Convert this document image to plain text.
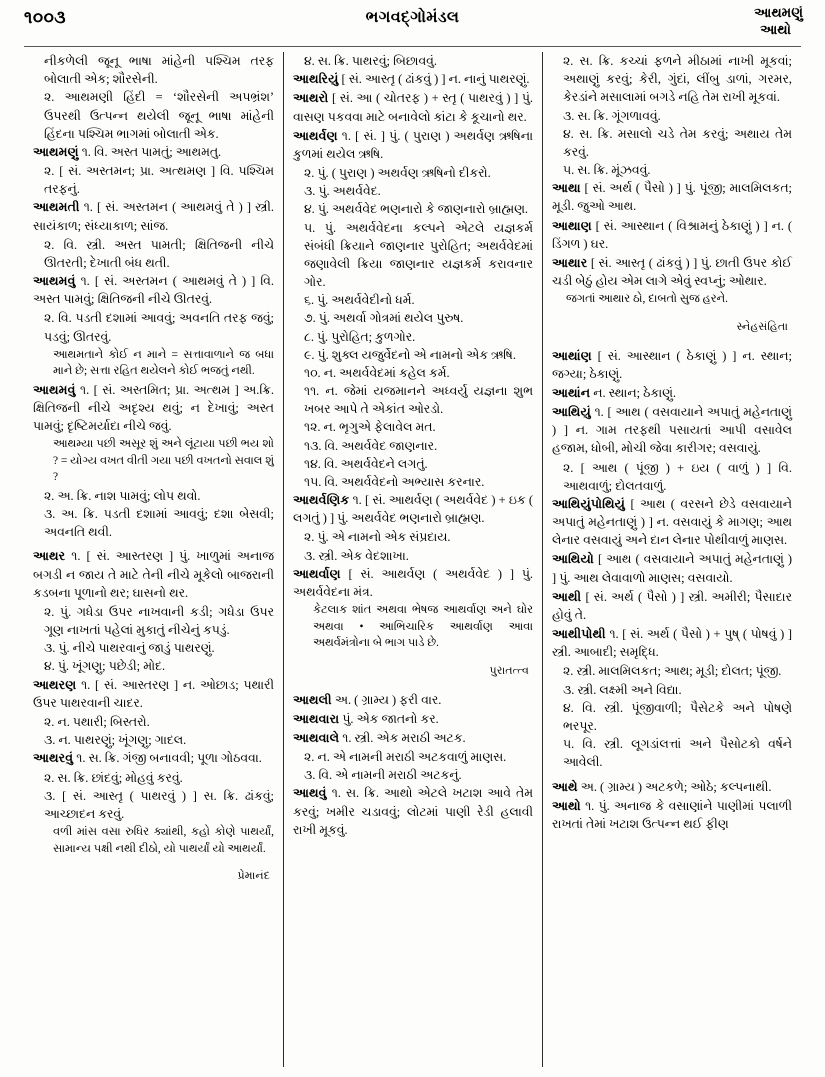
૧૦૦૩	ભગવદ્ગોમંડલ	આથમણું
આથો

નીકળેલી જૂનૂ ભાષા માંહેની પશ્ચિમ તરફ બોલાતી એક; શૌરસેની.

૨. આથમણી હિંદી = ‘શૌરસેની અપભ્રંશ’ ઉપરથી ઉત્પન્ન થયેલી જૂનૂ ભાષા માંહેની હિંદના પશ્ચિમ ભાગમાં બોલાતી એક.

આથમણું ૧. વિ. અસ્ત પામતું; આથમતુ.

૨. [ સં. અસ્તમન; પ્રા. અત્થમણ ] વિ. પશ્ચિમ તરફનું.

આથમતી ૧. [ સં. અસ્તમન ( આથમવું તે ) ] સ્ત્રી. સાયંકાળ; સંધ્યાકાળ; સાંજ.

૨. વિ. સ્ત્રી. અસ્ત પામતી; ક્ષિતિજની નીચે ઊતરતી; દેખાતી બંધ થતી.

આથમવું ૧. [ સં. અસ્તમન ( આથમવું તે ) ] વિ. અસ્ત પામવું; ક્ષિતિજની નીચે ઊતરવું.

૨. વિ. પડતી દશામાં આવવું; અવનતિ તરફ જવું; પડવું; ઊતરવું.

આથમતાને કોઈ ન માને = સત્તાવાળાને જ બધા માને છે; સત્તા રહિત થયેલને કોઈ ભજતું નથી.

આથમવું ૧. [ સં. અસ્તમિત; પ્રા. અત્થમ ] અ.ક્રિ. ક્ષિતિજની નીચે અદૃશ્ય થવું; ન દેખાવું; અસ્ત પામવું; દૃષ્ટિમર્યાદા નીચે જવું.

આથમ્યા પછી અસૂર શું અને લૂંટાયા પછી ભય શો ? = યોગ્ય વખત વીતી ગયા પછી વખતનો સવાલ શું ?

૨. અ. ક્રિ. નાશ પામવું; લોપ થવો.

૩. અ. ક્રિ. પડતી દશામાં આવવું; દશા બેસવી; અવનતિ થવી.

આથર ૧. [ સં. આસ્તરણ ] પું. ખાળુમાં અનાજ બગડી ન જાય તે માટે તેની નીચે મૂકેલો બાજરાની કડબના પૂળાનો થર; ઘાસનો થર.

૨. પું. ગધેડા ઉપર નાખવાની કડી; ગધેડા ઉપર ગૂણ નાખતાં પહેલાં મુકાતું નીચેનું કપડું.

૩. પું. નીચે પાથરવાનું જાડું પાથરણું.

૪. પું. ખૂંગણુ; પછેડી; મોદ.

આથરણ ૧. [ સં. આસ્તરણ ] ન. ઓછાડ; પથારી ઉપર પાથરવાની ચાદર.

૨. ન. પથારી; બિસ્તરો.

૩. ન. પાથરણું; ખૂંગણુ; ગાદલ.

આથરવું ૧. સ. ક્રિ. ગંજી બનાવવી; પૂળા ગોઠવવા.

૨. સ. ક્રિ. છાંદવું; મોહવું કરવું.

૩. [ સં. આસ્તૃ ( પાથરવું ) ] સ. ક્રિ. ઢાંકવું; આચ્છાદન કરવું.

વળી માંસ વસા રુધિર ક્યાંથી, કહો કોણે પાથર્યાં, સામાન્ય પક્ષી નથી દીઠો, યો પાથર્યાં યો આથર્યાં.

પ્રેમાનંદ

૪. સ. ક્રિ. પાથરવું; બિછાવવું.

આથરિયું [ સં. આસ્તૃ ( ઢાંકવું ) ] ન. નાનું પાથરણું.

આથરો [ સં. આ ( ચોતરફ ) + સ્તૃ ( પાથરવું ) ] પું. વાસણ પકવવા માટે બનાવેલો કાંટા કે કૂચાનો થર.

આથર્વણ ૧. [ સં. ] પું. ( પુરાણ ) અથર્વણ ઋષિના કુળમાં થયેલ ઋષિ.

૨. પું. ( પુરાણ ) અથર્વણ ઋષિનો દીકરો.

૩. પું. અથર્વવેદ.

૪. પું. અથર્વવેદ ભણનારો કે જાણનારો બ્રાહ્મણ.

૫. પું. અથર્વવેદના કલ્પને એટલે યજ્ઞકર્મ સંબંધી ક્રિયાને જાણનાર પુરોહિત; અથર્વવેદમાં જણાવેલી ક્રિયા જાણનાર યજ્ઞકર્મ કરાવનાર ગોર.

૬. પું. અથર્વવેદીનો ધર્મ.

૭. પું. અથર્વા ગોત્રમાં થયેલ પુરુષ.

૮. પું. પુરોહિત; કુળગોર.

૯. પું. શુક્લ યજુર્વેદનો એ નામનો એક ઋષિ.

૧૦. ન. અથર્વવેદમાં કહેલ કર્મ.

૧૧. ન. જેમાં યજમાનને અધ્વર્યુ યજ્ઞના શુભ ખબર આપે તે એકાંત ઓરડો.

૧૨. ન. ભૃગુએ ફેલાવેલ મત.

૧૩. વિ. અથર્વવેદ જાણનાર.

૧૪. વિ. અથર્વવેદને લગતું.

૧૫. વિ. અથર્વવેદનો અભ્યાસ કરનાર.

આથર્વણિક ૧. [ સં. આથર્વણ ( અથર્વવેદ ) + ઇક ( લગતું ) ] પું. અથર્વવેદ ભણનારો બ્રાહ્મણ.

૨. પું. એ નામનો એક સંપ્રદાય.

૩. સ્ત્રી. એક વેદશાખા.

આથર્વાણ [ સં. આથર્વણ ( અથર્વવેદ ) ] પું. અથર્વવેદના મંત્ર.

કેટલાક શાંત અથવા ભેષજ આથર્વાણ અને ઘોર અથવા • આભિચારિક આથર્વાણ આવા અથર્વમંત્રોના બે ભાગ પાડે છે.

પુરાતત્ત્વ

આથલી અ. ( ગ્રામ્ય ) ફરી વાર.

આથવારા પું. એક જાતનો કર.

આથવાલે ૧. સ્ત્રી. એક મરાઠી અટક.

૨. ન. એ નામની મરાઠી અટકવાળું માણસ.

૩. વિ. એ નામની મરાઠી અટકનું.

આથવું ૧. સ. ક્રિ. આથો એટલે ખટાશ આવે તેમ કરવું; ખમીર ચડાવવું; લોટમાં પાણી રેડી હલાવી રાખી મૂકવું.

૨. સ. ક્રિ. કચ્ચાં ફળને મીઠામાં નાખી મૂકવાં; અથાણું કરવું; કેરી, ગુંદાં, લીંબુ ડાળાં, ગરમર, કેરડાંને મસાલામાં બગડે નહિ તેમ રાખી મૂકવાં.

૩. સ. ક્રિ. ગૂંગળાવવું.

૪. સ. ક્રિ. મસાલો ચડે તેમ કરવું; અથાય તેમ કરવું.

૫. સ. ક્રિ. મૂંઝવવું.

આથા [ સં. અર્થ ( પૈસો ) ] પું. પૂંજી; માલમિલકત; મૂડી. જુઓ આથ.

આથાણ [ સં. આસ્થાન ( વિશ્રામનું ઠેકાણું ) ] ન. ( ડિંગળ ) ઘર.

આથાર [ સં. આસ્તૃ ( ઢાંકવું ) ] પું. છાતી ઉપર કોઈ ચડી બેઠું હોય એમ લાગે એવું સ્વપ્નું; ઓથાર.

જગતાં આથાર ઠો, દાબતો સુજ હરને.

સ્નેહસંહિતા

આથાંણ [ સં. આસ્થાન ( ઠેકાણું ) ] ન. સ્થાન; જગ્યા; ઠેકાણું.

આથાંન ન. સ્થાન; ઠેકાણું.

આથિયું ૧. [ આથ ( વસવાયાને અપાતું મહેનતાણું ) ] ન. ગામ તરફથી પસાયતાં આપી વસાવેલ હજામ, ધોબી, મોચી જેવા કારીગર; વસવાયું.

૨. [ આથ ( પૂંજી ) + ઇય ( વાળું ) ] વિ. આથવાળું; દોલતવાળું.

આથિયુંપોથિયું [ આથ ( વરસને છેડે વસવાયાને અપાતું મહેનતાણું ) ] ન. વસવાયું કે માગણ; આથ લેનાર વસવાયું અને દાન લેનાર પોથીવાળું માણસ.

આથિયો [ આથ ( વસવાયાને અપાતું મહેનતાણું ) ] પું. આથ લેવાવાળો માણસ; વસવાયો.

આથી [ સં. અર્થ ( પૈસો ) ] સ્ત્રી. અમીરી; પૈસાદાર હોવું તે.

આથીપોથી ૧. [ સં. અર્થ ( પૈસો ) + પુષ્ ( પોષવું ) ] સ્ત્રી. આબાદી; સમૃદ્ધિ.

૨. સ્ત્રી. માલમિલકત; આથ; મૂડી; દોલત; પૂંજી.

૩. સ્ત્રી. લક્ષ્મી અને વિદ્યા.

૪. વિ. સ્ત્રી. પૂંજીવાળી; પૈસેટકે અને પોષણે ભરપૂર.

૫. વિ. સ્ત્રી. લૂગડાંલત્તાં અને પૈસોટકો વર્ષને આવેલી.

આથે અ. ( ગ્રામ્ય ) અટકળે; ઓઠે; કલ્પનાથી.

આથો ૧. પું. અનાજ કે વસાણાંને પાણીમાં પલાળી રાખતાં તેમાં ખટાશ ઉત્પન્ન થઈ ફીણ
